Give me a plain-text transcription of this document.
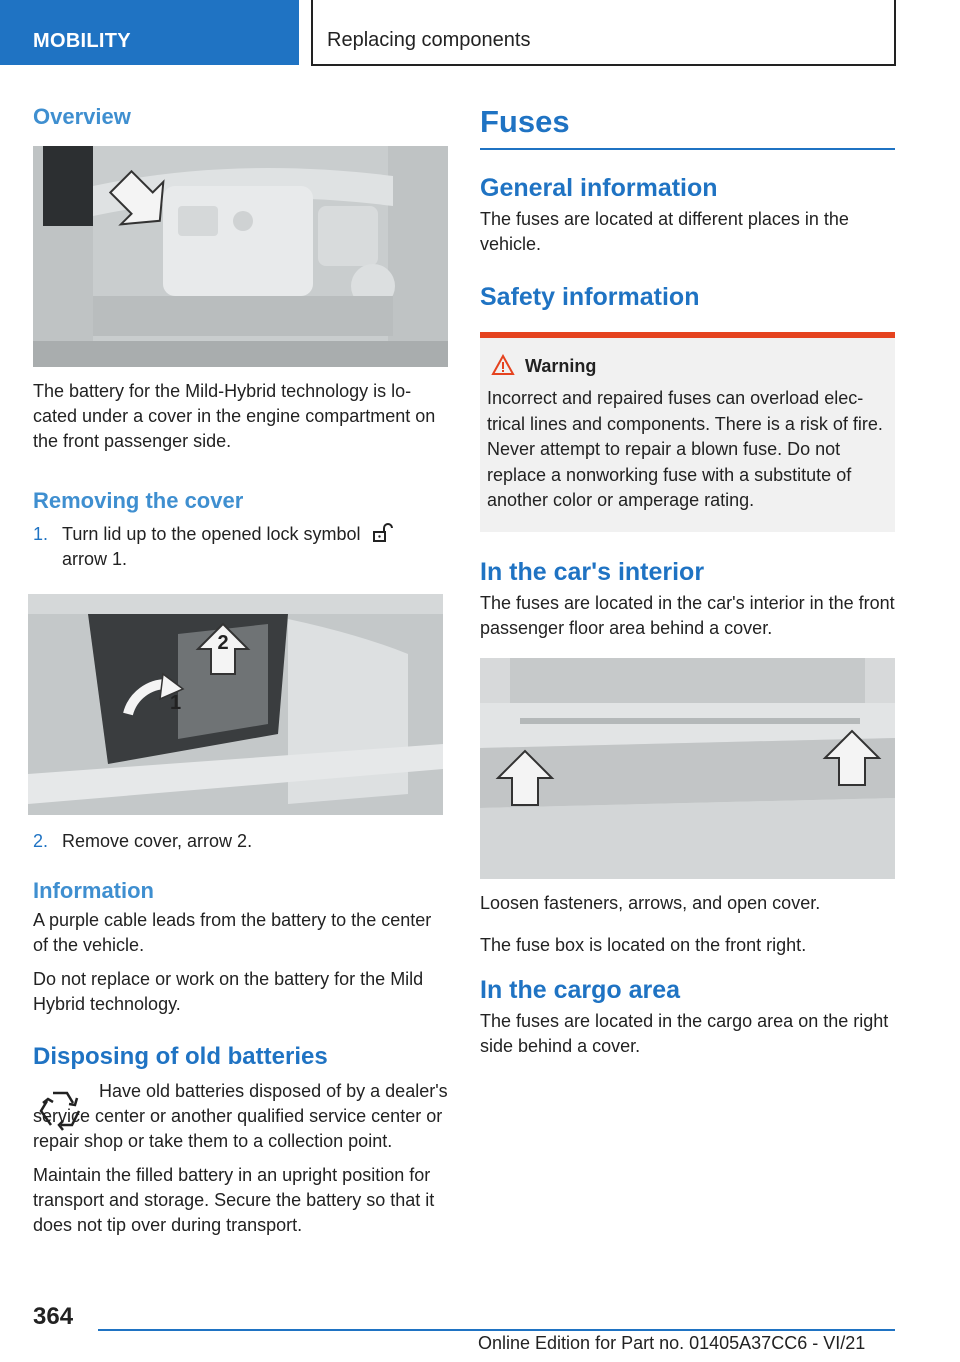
MOBILITY	Replacing components
Overview

The battery for the Mild-Hybrid technology is located under a cover in the engine compartment on the front passenger side.

Removing the cover
1. Turn lid up to the opened lock symbol
arrow 1.
2
1
2. Remove cover, arrow 2.
Information

A purple cable leads from the battery to the center of the vehicle.

Do not replace or work on the battery for the Mild Hybrid technology.

Disposing of old batteries

Have old batteries disposed of by a dealer's service center or another qualified service center or repair shop or take them to a collection point.

Maintain the filled battery in an upright position for transport and storage. Secure the battery so that it does not tip over during transport.

Fuses
General information

The fuses are located at different places in the vehicle.

Safety information
Warning

Incorrect and repaired fuses can overload electrical lines and components. There is a risk of fire. Never attempt to repair a blown fuse. Do not replace a nonworking fuse with a substitute of another color or amperage rating.

In the car's interior

The fuses are located in the car's interior in the front passenger floor area behind a cover.

Loosen fasteners, arrows, and open cover.

The fuse box is located on the front right.

In the cargo area

The fuses are located in the cargo area on the right side behind a cover.

364
Online Edition for Part no. 01405A37CC6 - VI/21
